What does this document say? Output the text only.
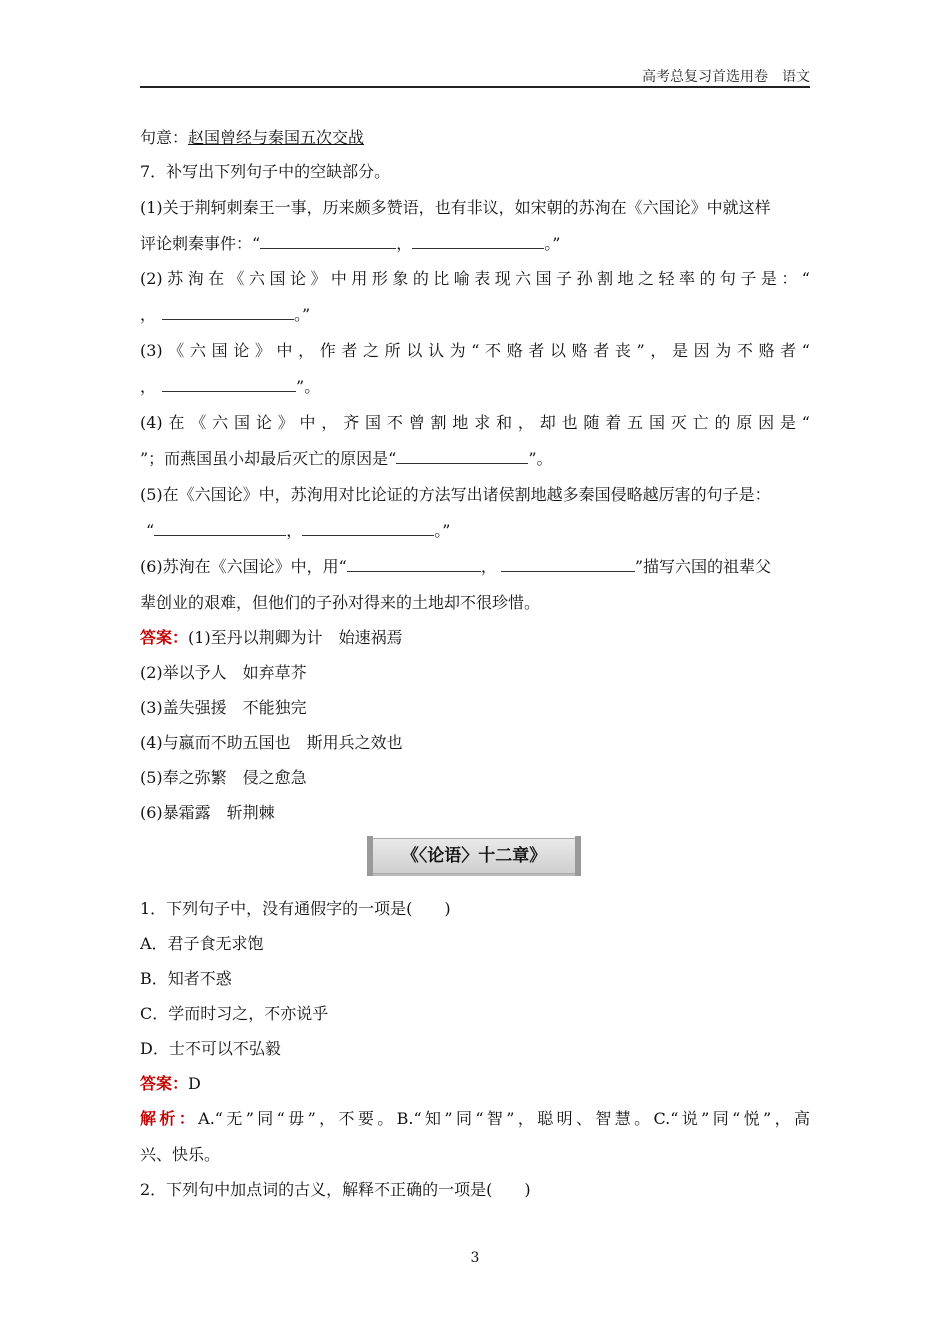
高考总复习首选用卷　语文
句意：赵国曾经与秦国五次交战
7．补写出下列句子中的空缺部分。
(1)关于荆轲刺秦王一事，历来颇多赞语，也有非议，如宋朝的苏洵在《六国论》中就这样
评论刺秦事件：“	，	。”
(2)苏洵在《六国论》中用形象的比喻表现六国子孙割地之轻率的句子是：“
，	。”
(3)《六国论》中，作者之所以认为“不赂者以赂者丧”，是因为不赂者“
，	”。
(4)在《六国论》中，齐国不曾割地求和，却也随着五国灭亡的原因是“
”；而燕国虽小却最后灭亡的原因是“	”。
(5)在《六国论》中，苏洵用对比论证的方法写出诸侯割地越多秦国侵略越厉害的句子是：
“	，	。”
(6)苏洵在《六国论》中，用“	，	”描写六国的祖辈父
辈创业的艰难，但他们的子孙对得来的土地却不很珍惜。
答案：(1)至丹以荆卿为计　始速祸焉
(2)举以予人　如弃草芥
(3)盖失强援　不能独完
(4)与嬴而不助五国也　斯用兵之效也
(5)奉之弥繁　侵之愈急
(6)暴霜露　斩荆棘
《〈论语〉十二章》
1．下列句子中，没有通假字的一项是(　　)
A．君子食无求饱
B．知者不惑
C．学而时习之，不亦说乎
D．士不可以不弘毅
答案：D
解析：A.“无”同“毋”，不要。B.“知”同“智”，聪明、智慧。C.“说”同“悦”，高
兴、快乐。
2．下列句中加点词的古义，解释不正确的一项是(　　)
3
